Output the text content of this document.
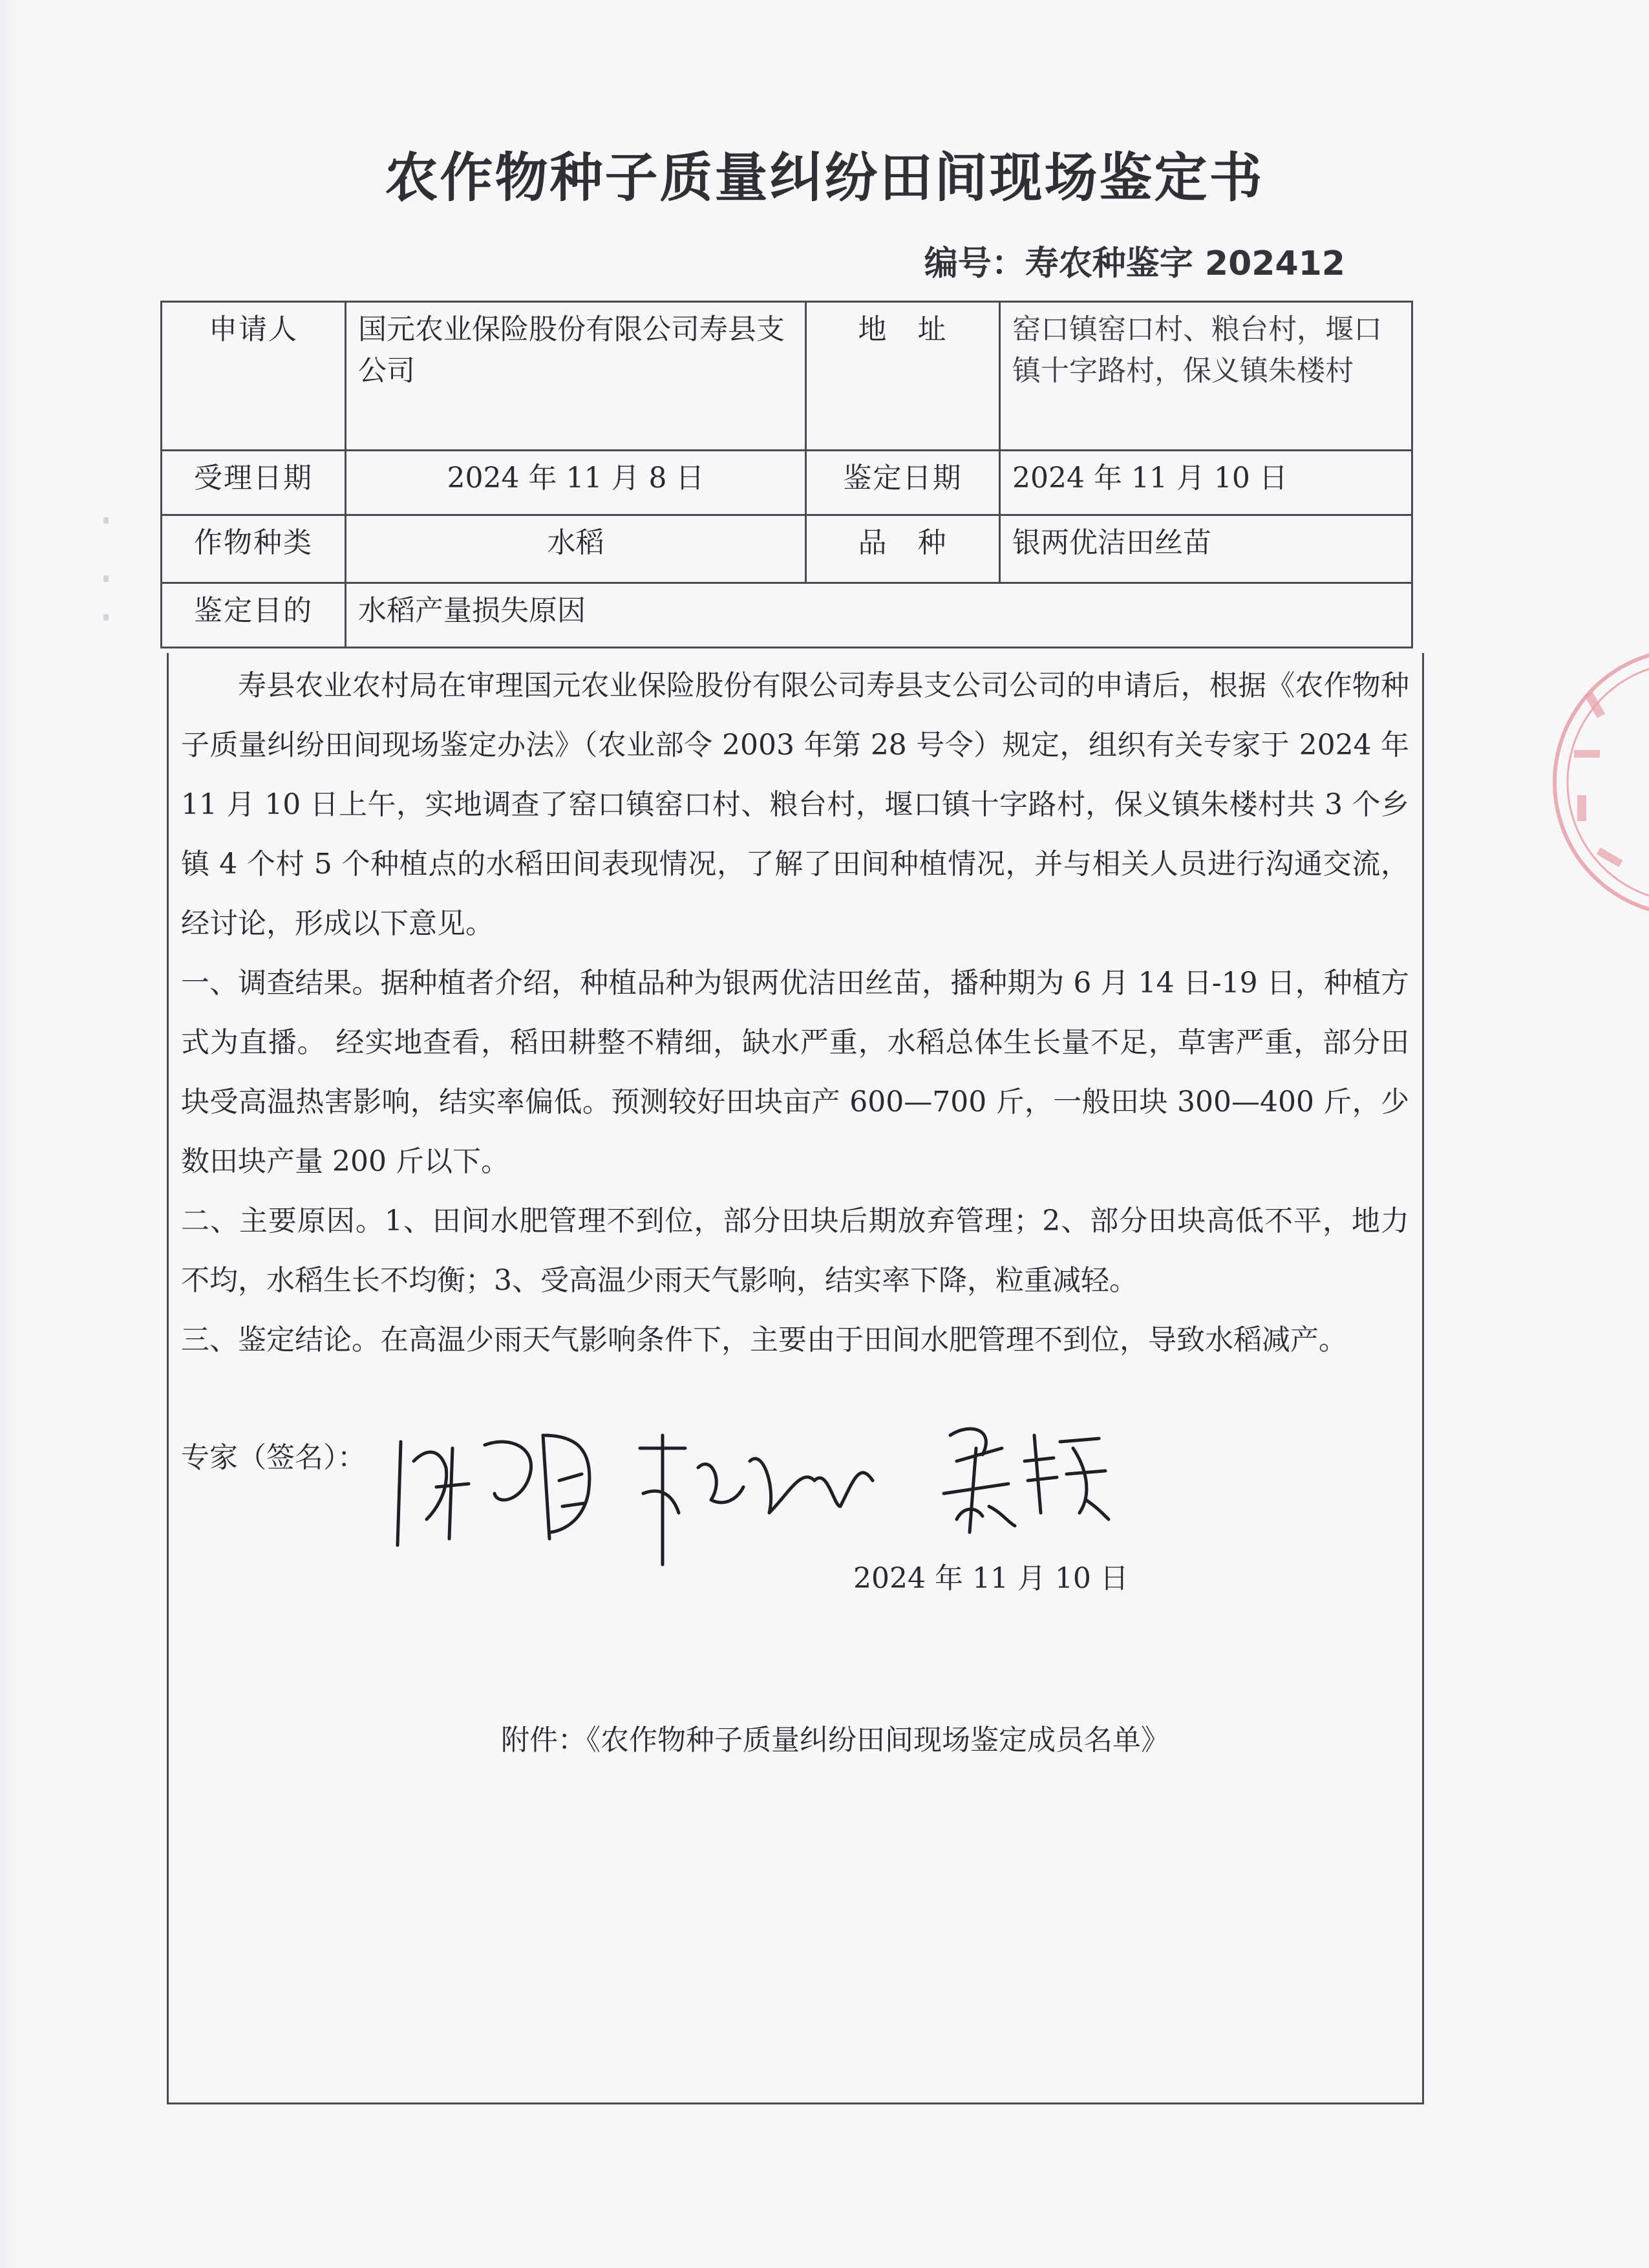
农作物种子质量纠纷田间现场鉴定书
编号：寿农种鉴字 202412
申请人	国元农业保险股份有限公司寿县支公司	地　址	窑口镇窑口村、粮台村，堰口镇十字路村，保义镇朱楼村
受理日期	2024 年 11 月 8 日	鉴定日期	2024 年 11 月 10 日
作物种类	水稻	品　种	银两优洁田丝苗
鉴定目的	水稻产量损失原因		

寿县农业农村局在审理国元农业保险股份有限公司寿县支公司公司的申请后，根据《农作物种子质量纠纷田间现场鉴定办法》（农业部令 2003 年第 28 号令）规定，组织有关专家于 2024 年 11 月 10 日上午，实地调查了窑口镇窑口村、粮台村，堰口镇十字路村，保义镇朱楼村共 3 个乡镇 4 个村 5 个种植点的水稻田间表现情况，了解了田间种植情况，并与相关人员进行沟通交流，经讨论，形成以下意见。

一、调查结果。据种植者介绍，种植品种为银两优洁田丝苗，播种期为 6 月 14 日-19 日，种植方式为直播。 经实地查看，稻田耕整不精细，缺水严重，水稻总体生长量不足，草害严重，部分田块受高温热害影响，结实率偏低。预测较好田块亩产 600—700 斤，一般田块 300—400 斤，少数田块产量 200 斤以下。

二、主要原因。1、田间水肥管理不到位，部分田块后期放弃管理；2、部分田块高低不平，地力不均，水稻生长不均衡；3、受高温少雨天气影响，结实率下降，粒重减轻。

三、鉴定结论。在高温少雨天气影响条件下，主要由于田间水肥管理不到位，导致水稻减产。

专家（签名）：
2024 年 11 月 10 日
附件：《农作物种子质量纠纷田间现场鉴定成员名单》
